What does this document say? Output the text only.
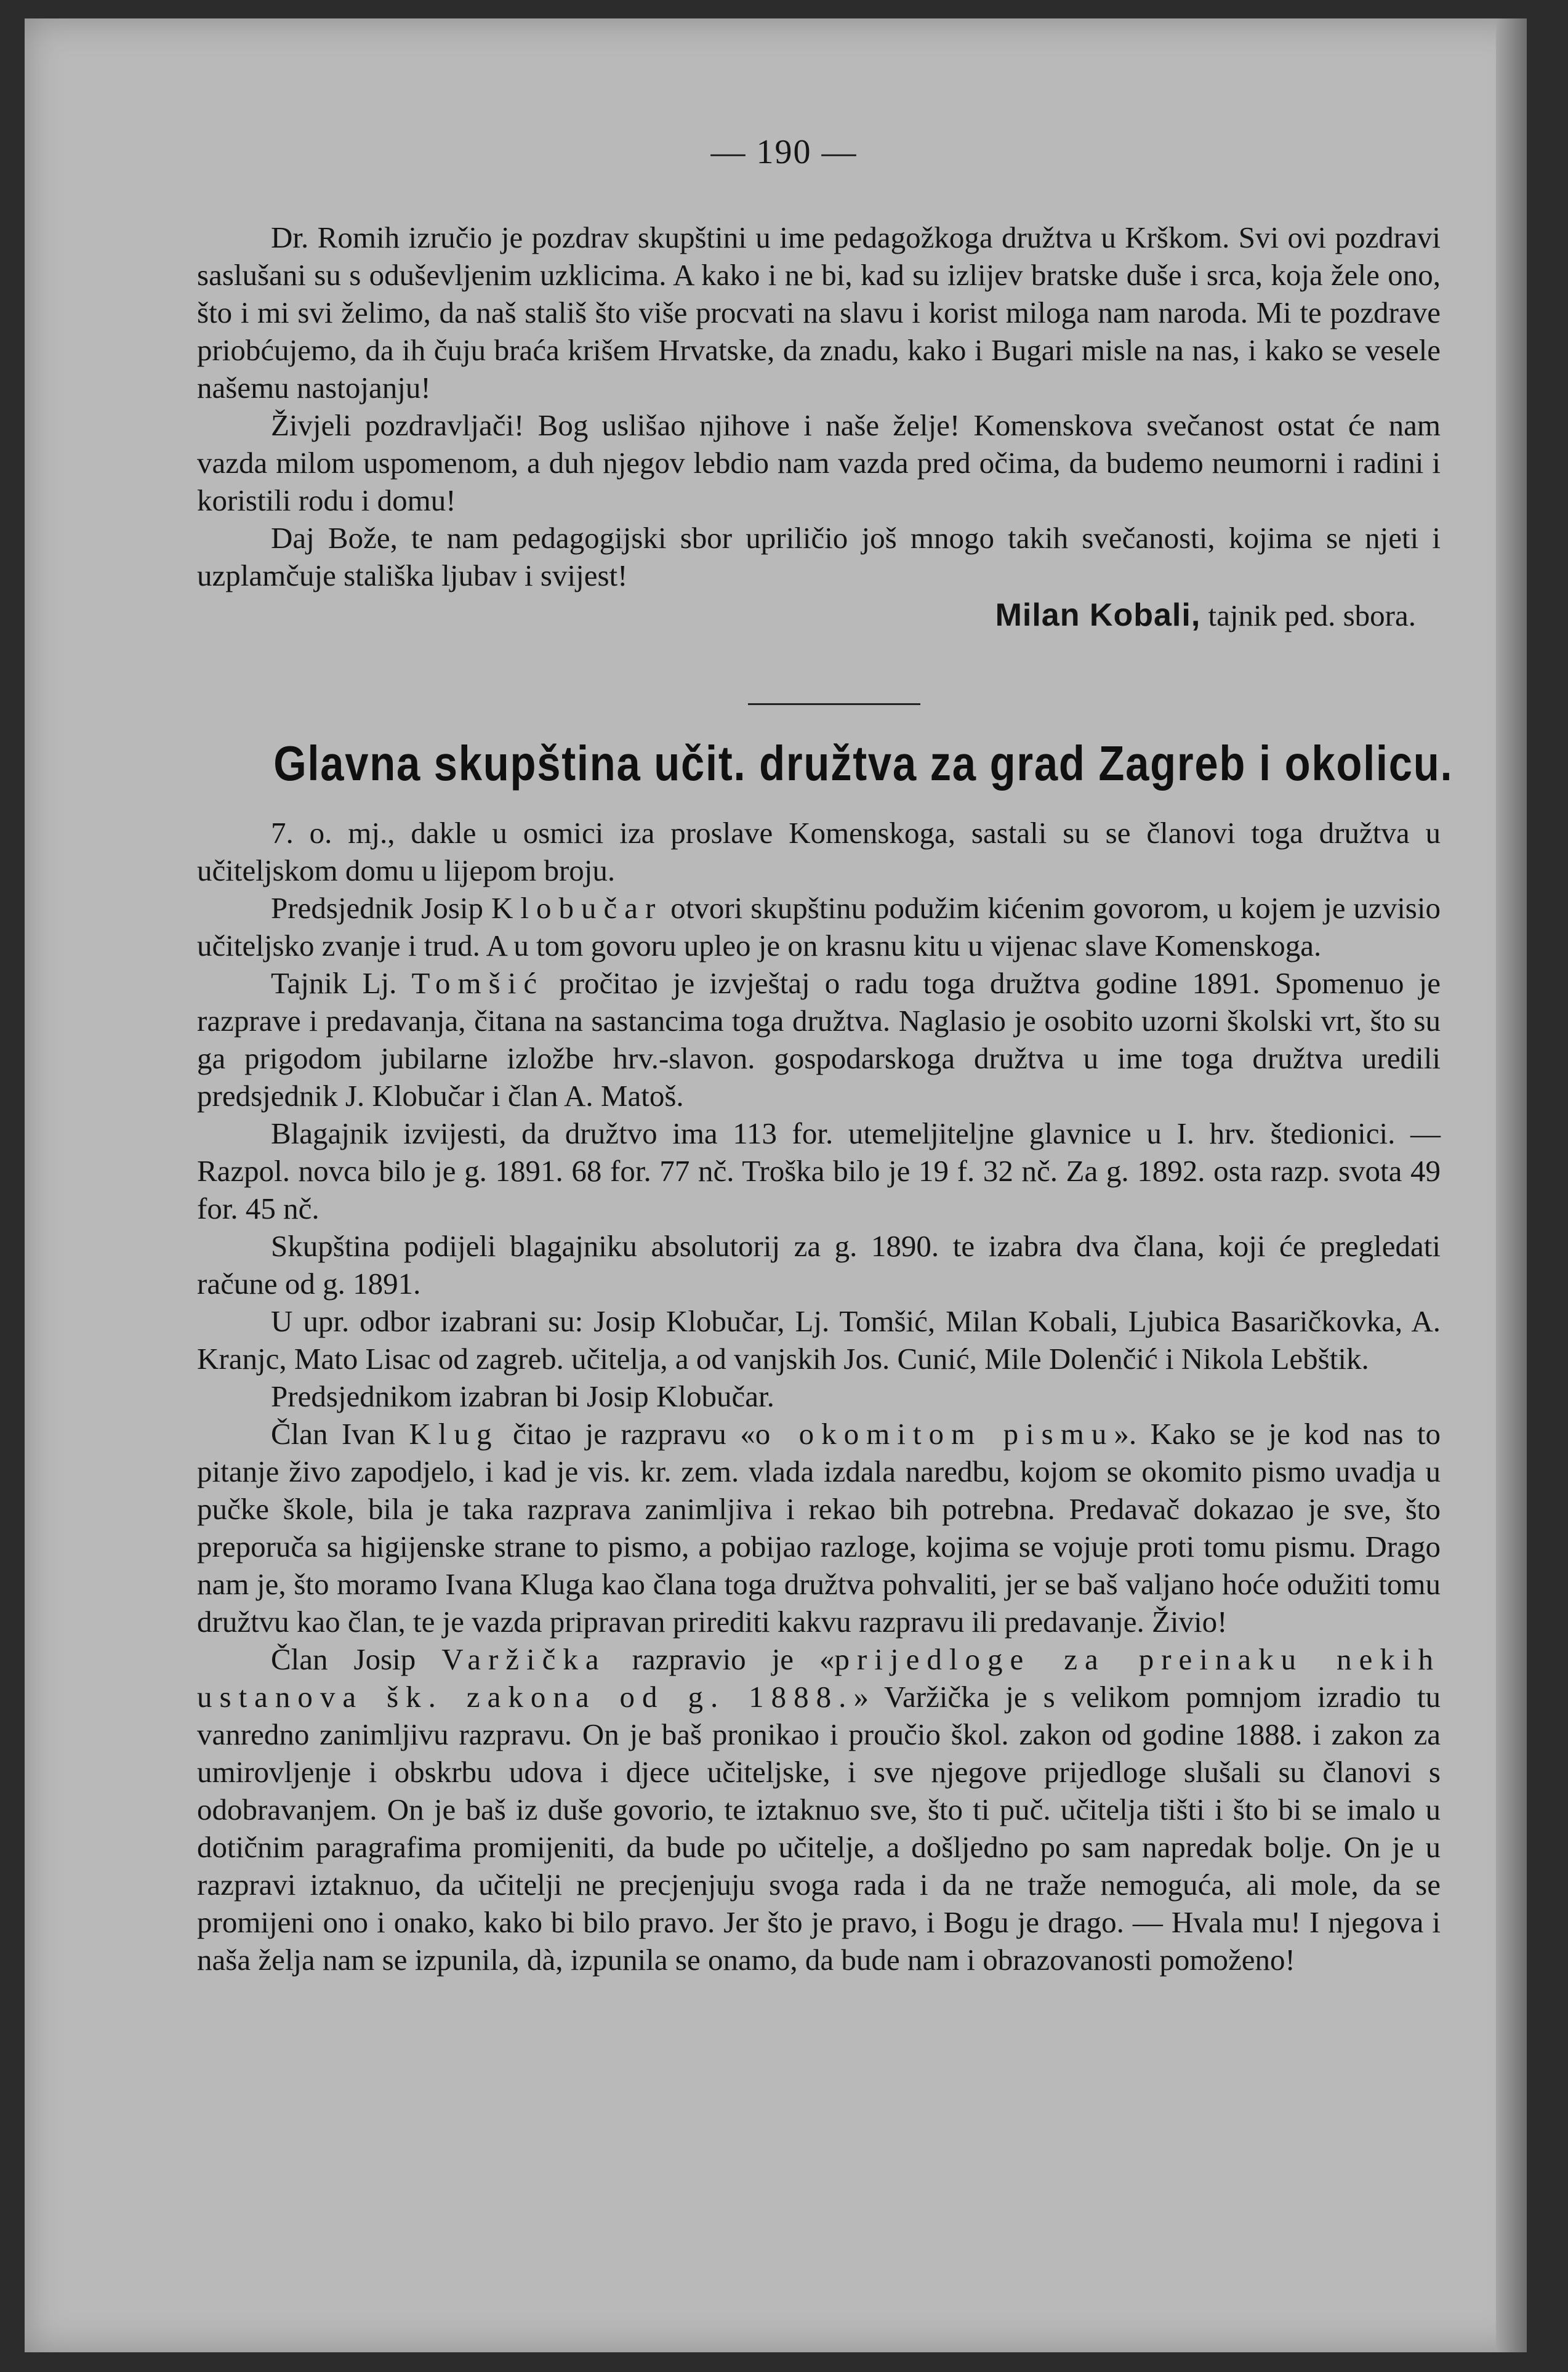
— 190 —

Dr. Romih izručio je pozdrav skupštini u ime pedagožkoga družtva u Krškom. Svi ovi pozdravi saslušani su s oduševljenim uzklicima. A kako i ne bi, kad su izlijev bratske duše i srca, koja žele ono, što i mi svi želimo, da naš stališ što više procvati na slavu i korist miloga nam naroda. Mi te pozdrave priobćujemo, da ih čuju braća krišem Hrvatske, da znadu, kako i Bugari misle na nas, i kako se vesele našemu nastojanju!

Živjeli pozdravljači! Bog uslišao njihove i naše želje! Komenskova svečanost ostat će nam vazda milom uspomenom, a duh njegov lebdio nam vazda pred očima, da budemo neumorni i radini i koristili rodu i domu!

Daj Bože, te nam pedagogijski sbor upriličio još mnogo takih svečanosti, kojima se njeti i uzplamčuje stališka ljubav i svijest!

Milan Kobali, tajnik ped. sbora.
Glavna skupština učit. družtva za grad Zagreb i okolicu.

7. o. mj., dakle u osmici iza proslave Komenskoga, sastali su se članovi toga družtva u učiteljskom domu u lijepom broju.

Predsjednik Josip Klobučar otvori skupštinu podužim kićenim govorom, u kojem je uzvisio učiteljsko zvanje i trud. A u tom govoru upleo je on krasnu kitu u vijenac slave Komenskoga.

Tajnik Lj. Tomšić pročitao je izvještaj o radu toga družtva godine 1891. Spomenuo je razprave i predavanja, čitana na sastancima toga družtva. Naglasio je osobito uzorni školski vrt, što su ga prigodom jubilarne izložbe hrv.-slavon. gospodarskoga družtva u ime toga družtva uredili predsjednik J. Klobučar i član A. Matoš.

Blagajnik izvijesti, da družtvo ima 113 for. utemeljiteljne glavnice u I. hrv. štedionici. — Razpol. novca bilo je g. 1891. 68 for. 77 nč. Troška bilo je 19 f. 32 nč. Za g. 1892. osta razp. svota 49 for. 45 nč.

Skupština podijeli blagajniku absolutorij za g. 1890. te izabra dva člana, koji će pregledati račune od g. 1891.

U upr. odbor izabrani su: Josip Klobučar, Lj. Tomšić, Milan Kobali, Ljubica Basaričkovka, A. Kranjc, Mato Lisac od zagreb. učitelja, a od vanjskih Jos. Cunić, Mile Dolenčić i Nikola Lebštik.

Predsjednikom izabran bi Josip Klobučar.

Član Ivan Klug čitao je razpravu «o okomitom pismu». Kako se je kod nas to pitanje živo zapodjelo, i kad je vis. kr. zem. vlada izdala naredbu, kojom se okomito pismo uvadja u pučke škole, bila je taka razprava zanimljiva i rekao bih potrebna. Predavač dokazao je sve, što preporuča sa higijenske strane to pismo, a pobijao razloge, kojima se vojuje proti tomu pismu. Drago nam je, što moramo Ivana Kluga kao člana toga družtva pohvaliti, jer se baš valjano hoće odužiti tomu družtvu kao član, te je vazda pripravan prirediti kakvu razpravu ili predavanje. Živio!

Član Josip Varžička razpravio je «prijedloge za preinaku nekih ustanova šk. zakona od g. 1888.» Varžička je s velikom pomnjom izradio tu vanredno zanimljivu razpravu. On je baš pronikao i proučio škol. zakon od godine 1888. i zakon za umirovljenje i obskrbu udova i djece učiteljske, i sve njegove prijedloge slušali su članovi s odobravanjem. On je baš iz duše govorio, te iztaknuo sve, što ti puč. učitelja tišti i što bi se imalo u dotičnim paragrafima promijeniti, da bude po učitelje, a došljedno po sam napredak bolje. On je u razpravi iztaknuo, da učitelji ne precjenjuju svoga rada i da ne traže nemoguća, ali mole, da se promijeni ono i onako, kako bi bilo pravo. Jer što je pravo, i Bogu je drago. — Hvala mu! I njegova i naša želja nam se izpunila, dà, izpunila se onamo, da bude nam i obrazovanosti pomoženo!
